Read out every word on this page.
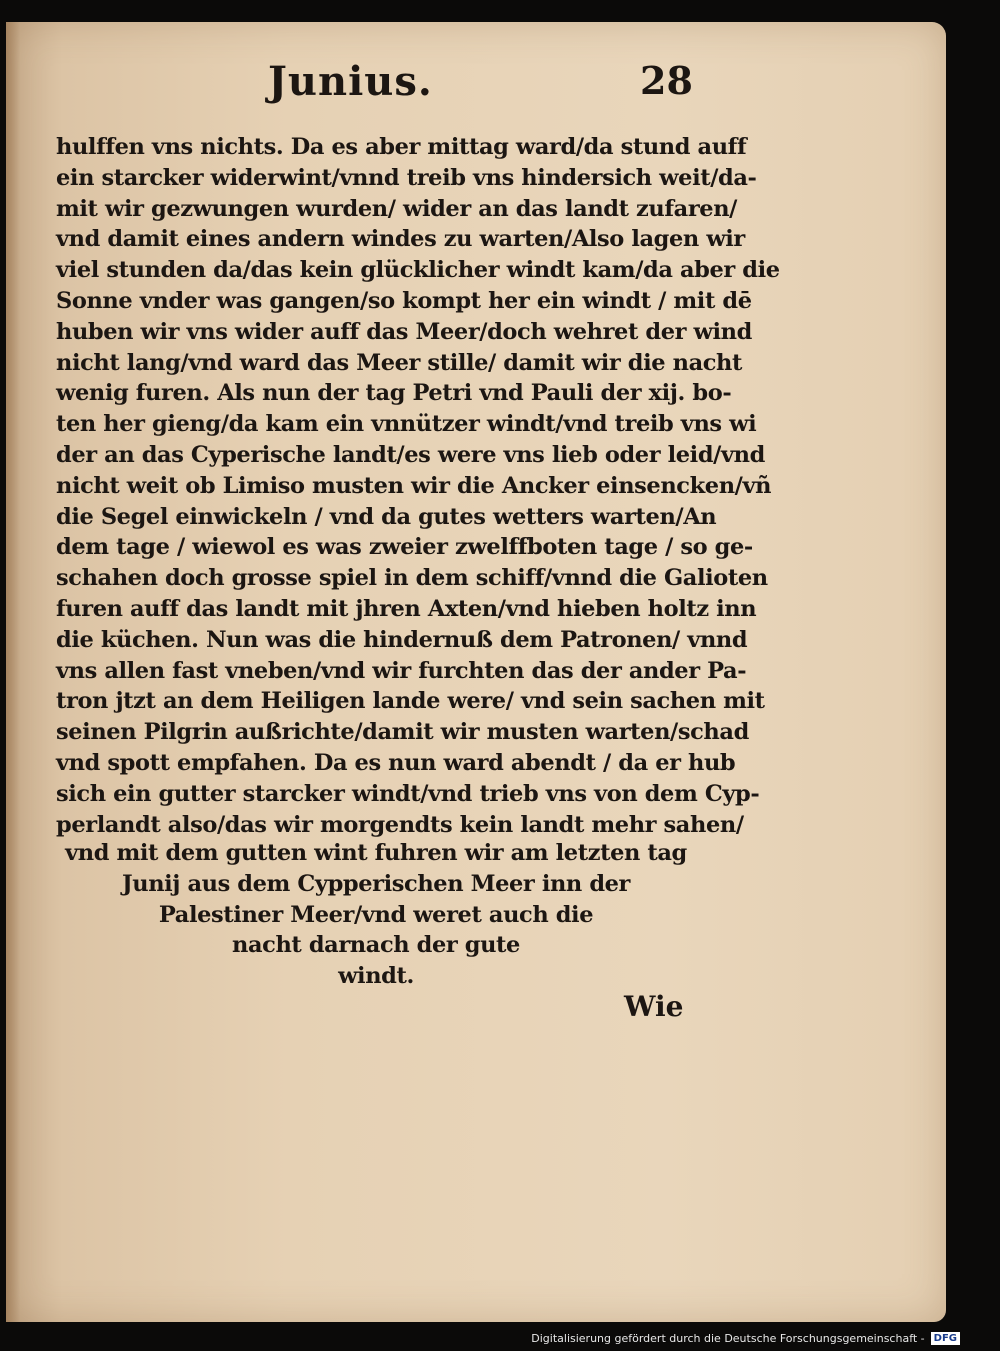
Junius.	28
hulffen vns nichts. Da es aber mittag ward/da stund auff
ein starcker widerwint/vnnd treib vns hindersich weit/da-
mit wir gezwungen wurden/ wider an das landt zufaren/
vnd damit eines andern windes zu warten/Also lagen wir
viel stunden da/das kein glücklicher windt kam/da aber die
Sonne vnder was gangen/so kompt her ein windt / mit dē
huben wir vns wider auff das Meer/doch wehret der wind
nicht lang/vnd ward das Meer stille/ damit wir die nacht
wenig furen. Als nun der tag Petri vnd Pauli der xij. bo-
ten her gieng/da kam ein vnnützer windt/vnd treib vns wi
der an das Cyperische landt/es were vns lieb oder leid/vnd
nicht weit ob Limiso musten wir die Ancker einsencken/vñ
die Segel einwickeln / vnd da gutes wetters warten/An
dem tage / wiewol es was zweier zwelffboten tage / so ge-
schahen doch grosse spiel in dem schiff/vnnd die Galioten
furen auff das landt mit jhren Axten/vnd hieben holtz inn
die küchen. Nun was die hindernuß dem Patronen/ vnnd
vns allen fast vneben/vnd wir furchten das der ander Pa-
tron jtzt an dem Heiligen lande were/ vnd sein sachen mit
seinen Pilgrin außrichte/damit wir musten warten/schad
vnd spott empfahen. Da es nun ward abendt / da er hub
sich ein gutter starcker windt/vnd trieb vns von dem Cyp-
perlandt also/das wir morgendts kein landt mehr sahen/
vnd mit dem gutten wint fuhren wir am letzten tag
Junij aus dem Cypperischen Meer inn der
Palestiner Meer/vnd weret auch die
nacht darnach der gute
windt.
Wie
Digitalisierung gefördert durch die Deutsche Forschungsgemeinschaft - DFG
